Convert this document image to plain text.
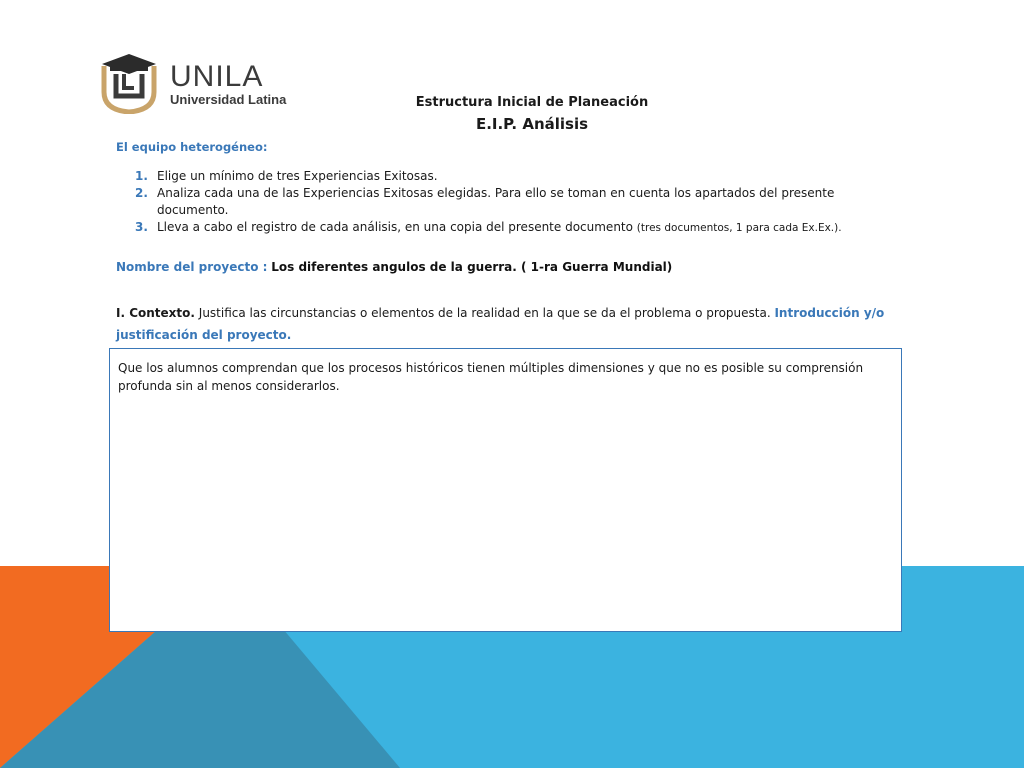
UNILA
Universidad Latina	Estructura Inicial de Planeación
E.I.P. Análisis
El equipo heterogéneo:
1. Elige un mínimo de tres Experiencias Exitosas.
2. Analiza cada una de las Experiencias Exitosas elegidas. Para ello se toman en cuenta los apartados del presente documento.
3. Lleva a cabo el registro de cada análisis, en una copia del presente documento (tres documentos, 1 para cada Ex.Ex.).
Nombre del proyecto : Los diferentes angulos de la guerra. ( 1-ra Guerra Mundial)
I. Contexto. Justifica las circunstancias o elementos de la realidad en la que se da el problema o propuesta. Introducción y/o justificación del proyecto.
Que los alumnos comprendan que los procesos históricos tienen múltiples dimensiones y que no es posible su comprensión profunda sin al menos considerarlos.
